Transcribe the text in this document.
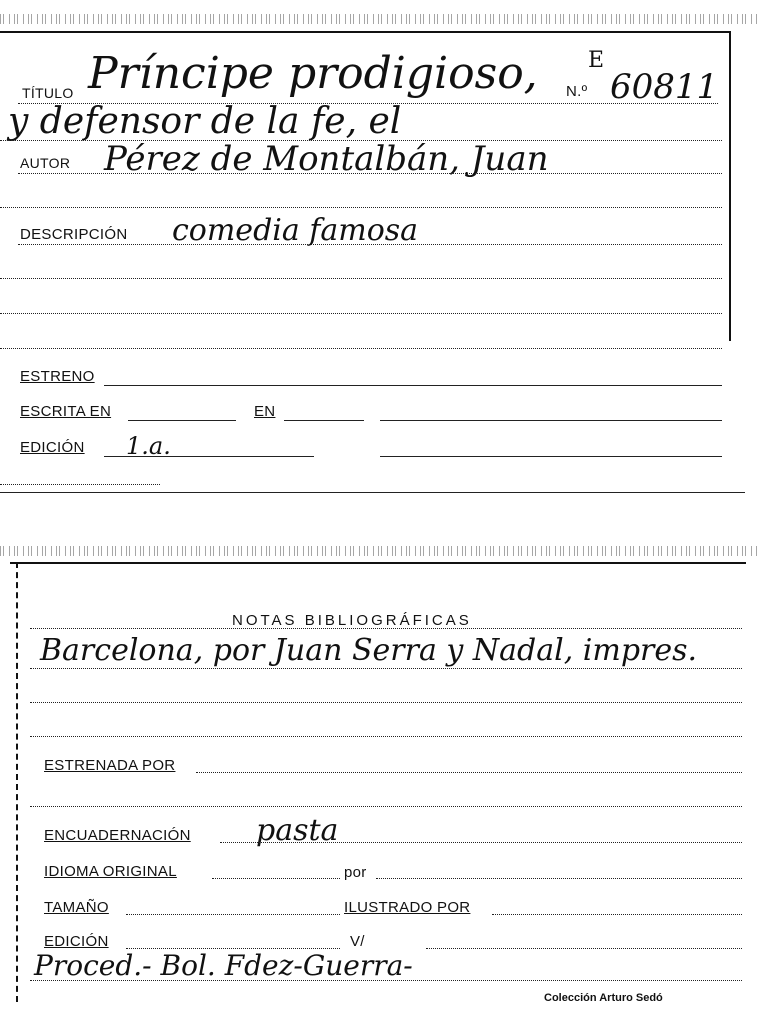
TÍTULO Príncipe prodigioso, N.º
E
60811
y defensor de la fe, el
AUTOR Pérez de Montalbán, Juan
DESCRIPCIÓN comedia famosa
ESTRENO
ESCRITA EN	EN
EDICIÓN 1.a.
NOTAS BIBLIOGRÁFICAS
Barcelona, por Juan Serra y Nadal, impres.
ESTRENADA POR
ENCUADERNACIÓN pasta
IDIOMA ORIGINAL	por
TAMAÑO	ILUSTRADO POR
EDICIÓN	V/
Proced.- Bol. Fdez-Guerra-
Colección Arturo Sedó
